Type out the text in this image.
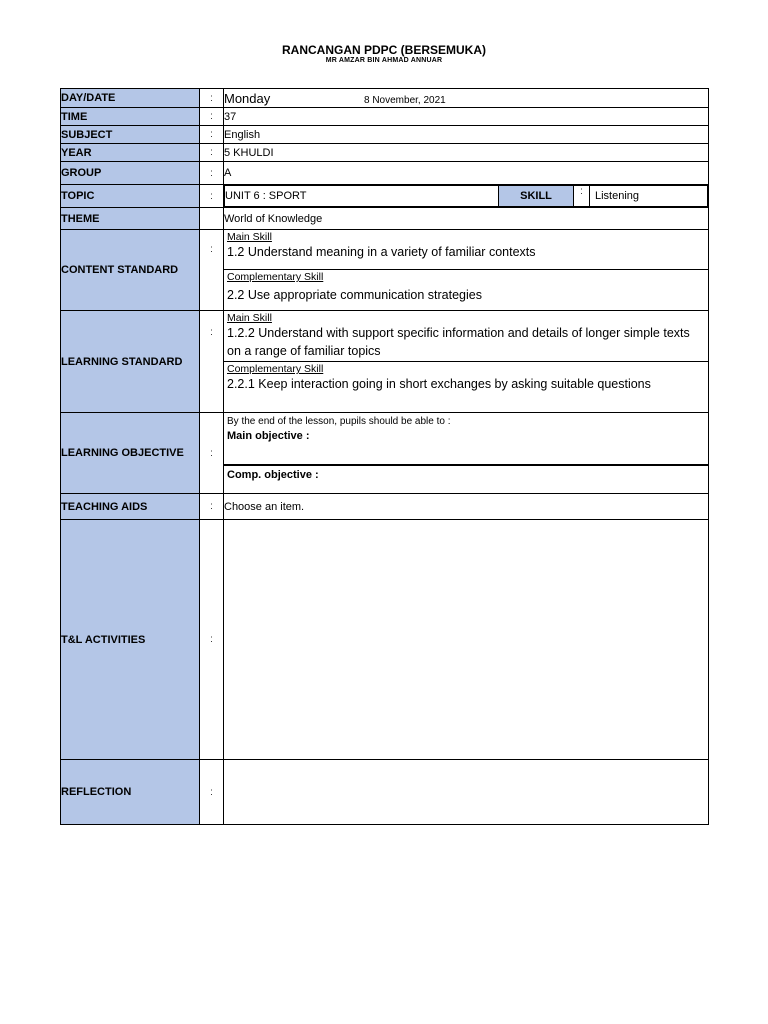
RANCANGAN PDPC (BERSEMUKA)
MR AMZAR BIN AHMAD ANNUAR
DAY/DATE	:	Monday	8 November, 2021
TIME	:	37
SUBJECT	:	English
YEAR	:	5 KHULDI
GROUP	:	A
TOPIC	:	UNIT 6 : SPORT	SKILL	:	Listening

THEME		World of Knowledge
CONTENT STANDARD	:	
Main Skill
1.2 Understand meaning in a variety of familiar contexts
Complementary Skill
2.2 Use appropriate communication strategies

LEARNING STANDARD	:	
Main Skill
1.2.2 Understand with support specific information and details of longer simple texts on a range of familiar topics
Complementary Skill
2.2.1 Keep interaction going in short exchanges by asking suitable questions

LEARNING OBJECTIVE	:	
By the end of the lesson, pupils should be able to :
Main objective :
Comp. objective :

TEACHING AIDS	:	Choose an item.
T&L ACTIVITIES	:	
REFLECTION	:	
